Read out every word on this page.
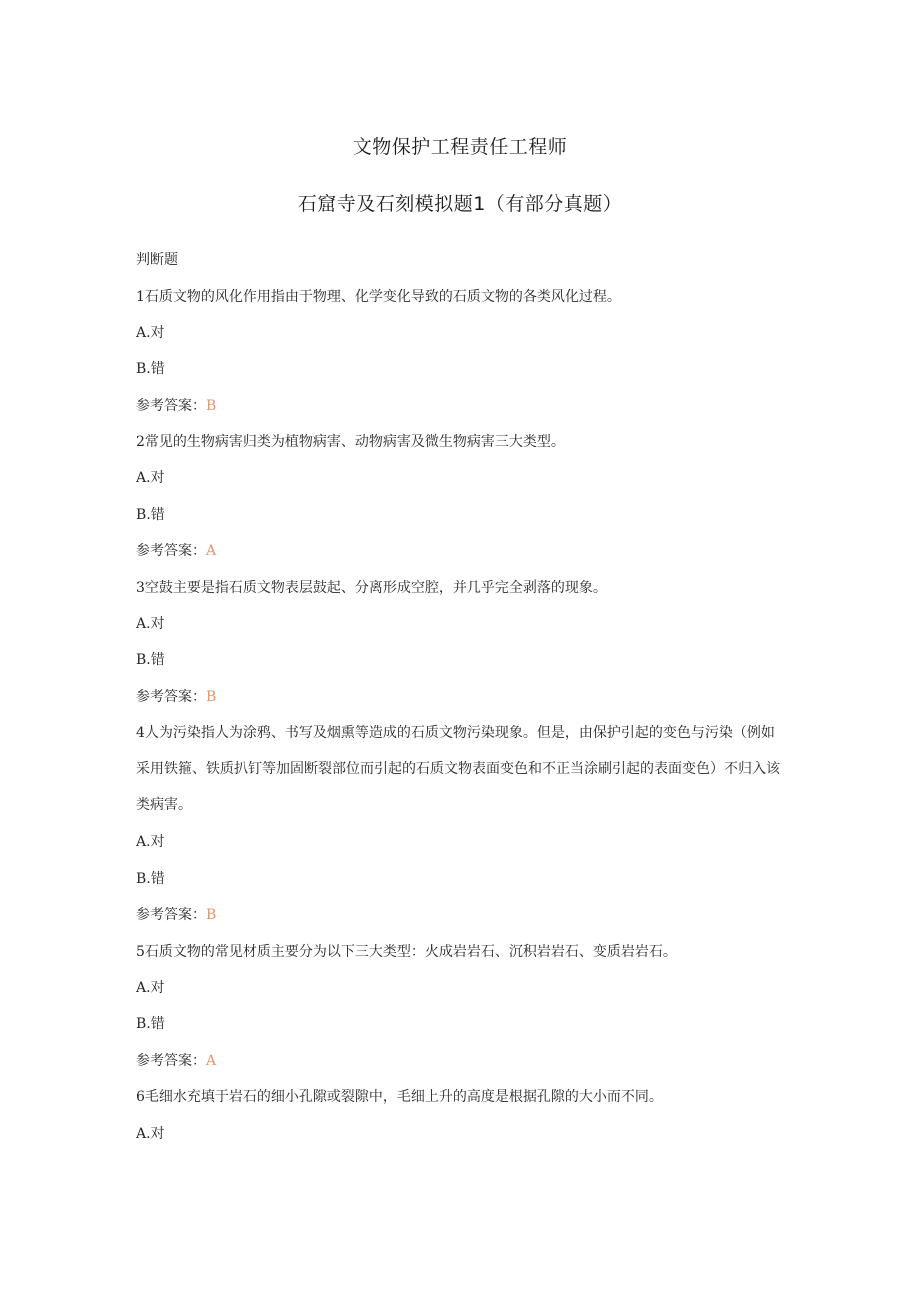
文物保护工程责任工程师
石窟寺及石刻模拟题1（有部分真题）
判断题
1石质文物的风化作用指由于物理、化学变化导致的石质文物的各类风化过程。
A.对
B.错
参考答案：B
2常见的生物病害归类为植物病害、动物病害及微生物病害三大类型。
A.对
B.错
参考答案：A
3空鼓主要是指石质文物表层鼓起、分离形成空腔，并几乎完全剥落的现象。
A.对
B.错
参考答案：B
4人为污染指人为涂鸦、书写及烟熏等造成的石质文物污染现象。但是，由保护引起的变色与污染（例如采用铁箍、铁质扒钉等加固断裂部位而引起的石质文物表面变色和不正当涂刷引起的表面变色）不归入该类病害。
A.对
B.错
参考答案：B
5石质文物的常见材质主要分为以下三大类型：火成岩岩石、沉积岩岩石、变质岩岩石。
A.对
B.错
参考答案：A
6毛细水充填于岩石的细小孔隙或裂隙中，毛细上升的高度是根据孔隙的大小而不同。
A.对
